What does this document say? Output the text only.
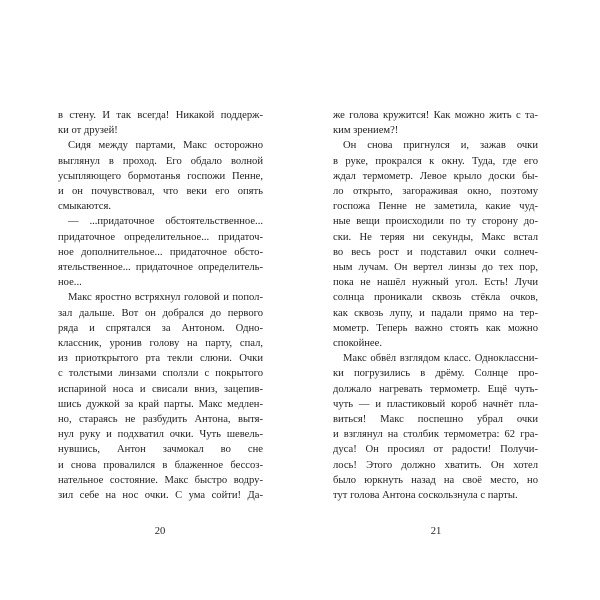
в стену. И так всегда! Никакой поддерж-
ки от друзей!
Сидя между партами, Макс осторожно
выглянул в проход. Его обдало волной
усыпляющего бормотанья госпожи Пенне,
и он почувствовал, что веки его опять
смыкаются.
— ...придаточное обстоятельственное...
придаточное определительное... придаточ-
ное дополнительное... придаточное обсто-
ятельственное... придаточное определитель-
ное...
Макс яростно встряхнул головой и попол-
зал дальше. Вот он добрался до первого
ряда и спрятался за Антоном. Одно-
классник, уронив голову на парту, спал,
из приоткрытого рта текли слюни. Очки
с толстыми линзами сползли с покрытого
испариной носа и свисали вниз, зацепив-
шись дужкой за край парты. Макс медлен-
но, стараясь не разбудить Антона, вытя-
нул руку и подхватил очки. Чуть шевель-
нувшись, Антон зачмокал во сне
и снова провалился в блаженное бессоз-
нательное состояние. Макс быстро водру-
зил себе на нос очки. С ума сойти! Да-
же голова кружится! Как можно жить с та-
ким зрением?!
Он снова пригнулся и, зажав очки
в руке, прокрался к окну. Туда, где его
ждал термометр. Левое крыло доски бы-
ло открыто, загораживая окно, поэтому
госпожа Пенне не заметила, какие чуд-
ные вещи происходили по ту сторону до-
ски. Не теряя ни секунды, Макс встал
во весь рост и подставил очки солнеч-
ным лучам. Он вертел линзы до тех пор,
пока не нашёл нужный угол. Есть! Лучи
солнца проникали сквозь стёкла очков,
как сквозь лупу, и падали прямо на тер-
мометр. Теперь важно стоять как можно
спокойнее.
Макс обвёл взглядом класс. Одноклассни-
ки погрузились в дрёму. Солнце про-
должало нагревать термометр. Ещё чуть-
чуть — и пластиковый короб начнёт пла-
виться! Макс поспешно убрал очки
и взглянул на столбик термометра: 62 гра-
дуса! Он просиял от радости! Получи-
лось! Этого должно хватить. Он хотел
было юркнуть назад на своё место, но
тут голова Антона соскользнула с парты.
20	21
